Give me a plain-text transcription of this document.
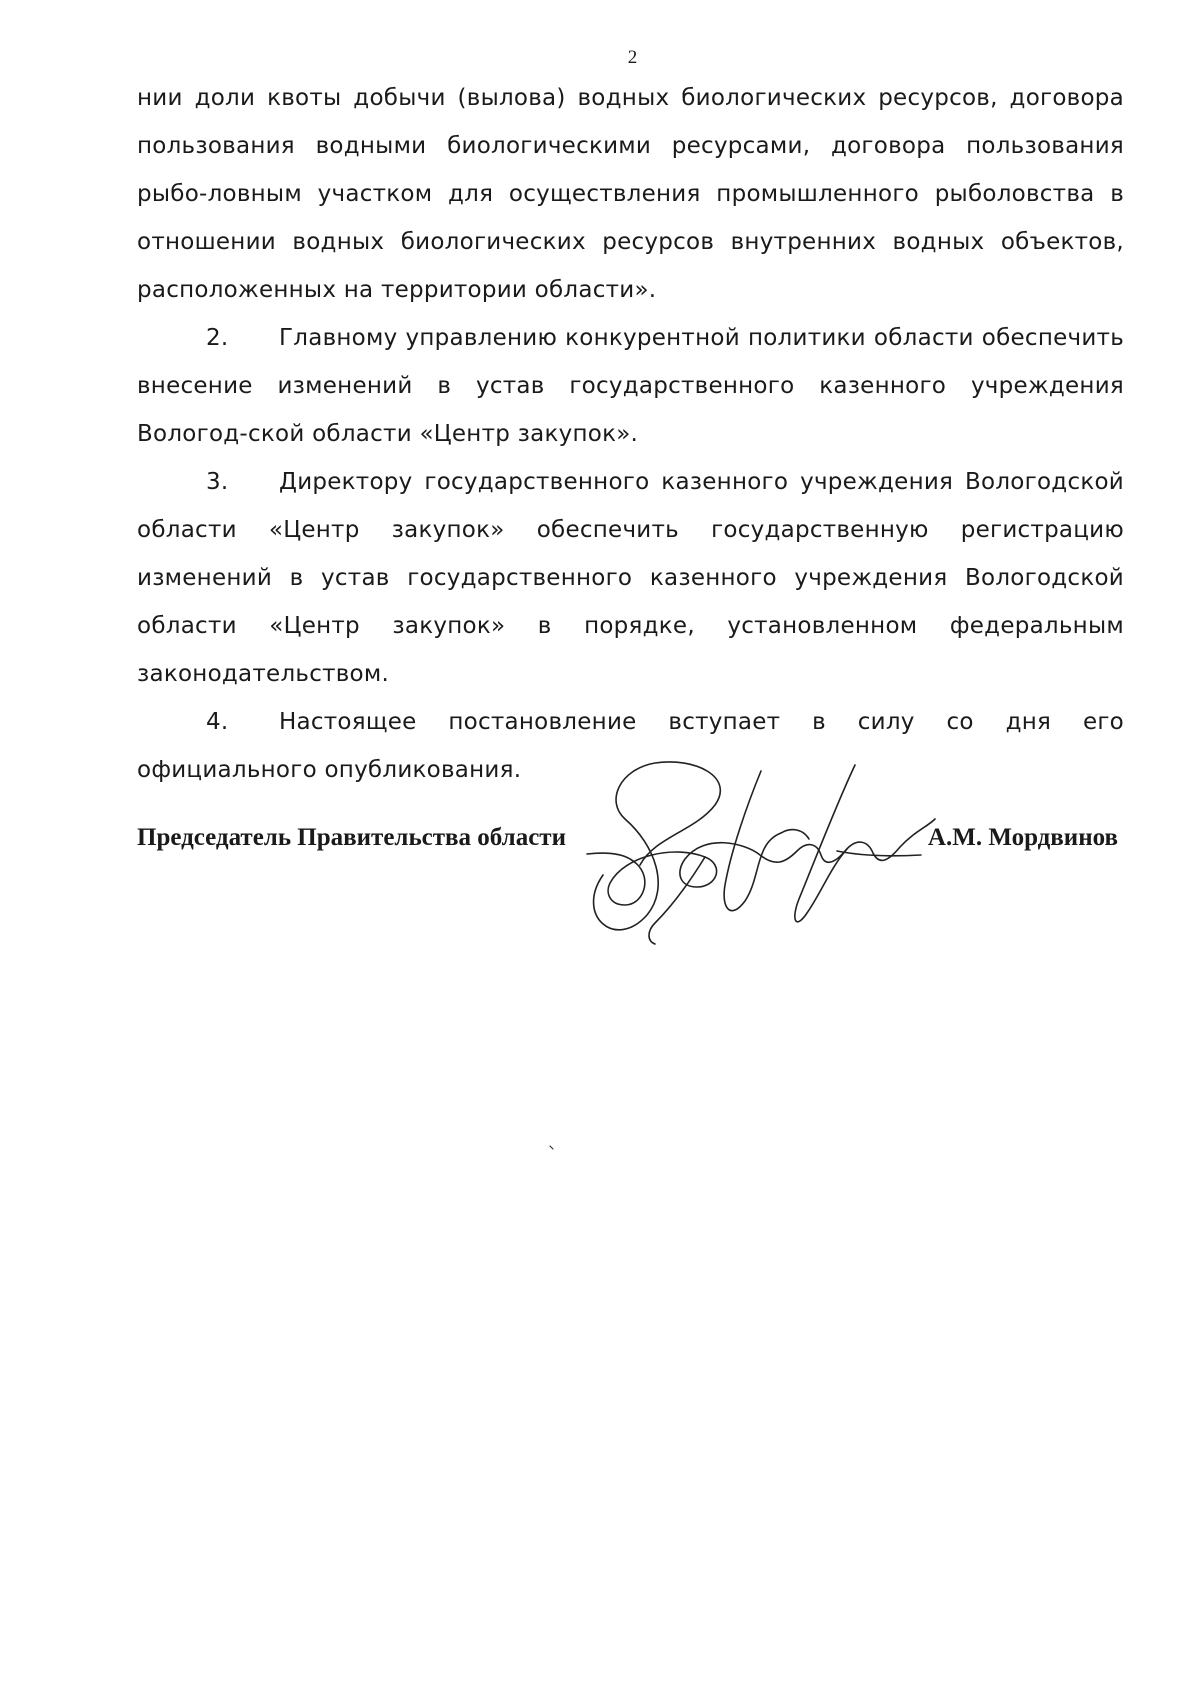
2

нии доли квоты добычи (вылова) водных биологических ресурсов, договора пользования водными биологическими ресурсами, договора пользования рыбо-ловным участком для осуществления промышленного рыболовства в отношении водных биологических ресурсов внутренних водных объектов, расположенных на территории области».

2. Главному управлению конкурентной политики области обеспечить внесение изменений в устав государственного казенного учреждения Вологод-ской области «Центр закупок».

3. Директору государственного казенного учреждения Вологодской области «Центр закупок» обеспечить государственную регистрацию изменений в устав государственного казенного учреждения Вологодской области «Центр закупок» в порядке, установленном федеральным законодательством.

4. Настоящее постановление вступает в силу со дня его официального опубликования.

Председатель Правительства области	А.М. Мордвинов
